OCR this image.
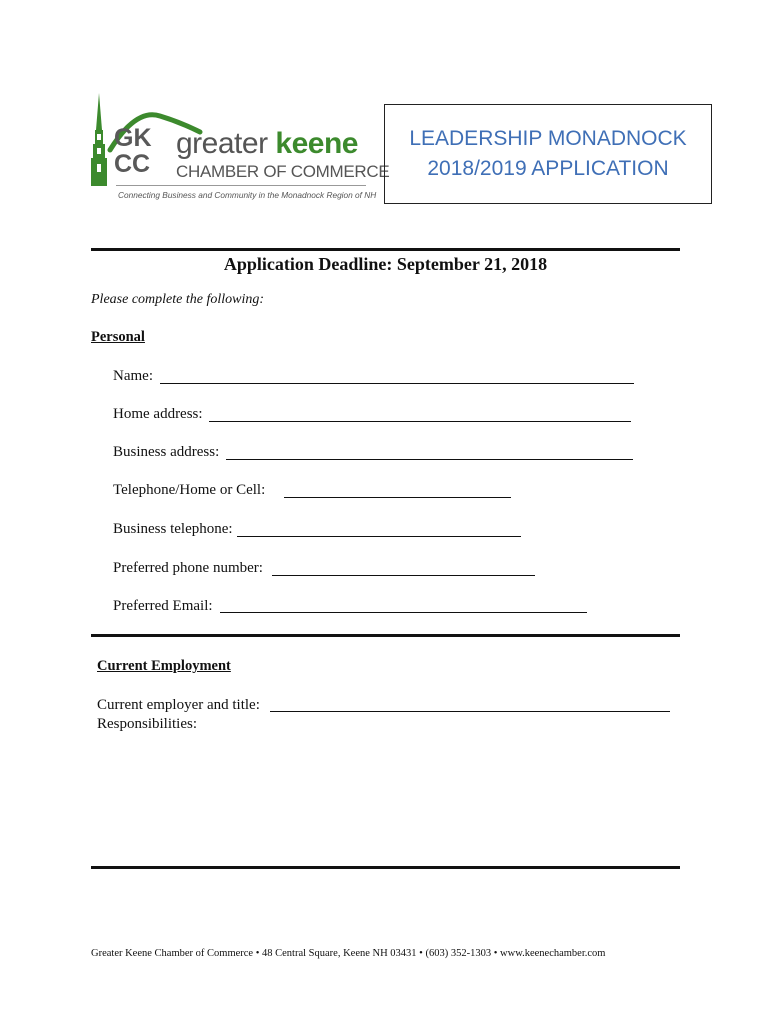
GK
CC
greater keene
CHAMBER OF COMMERCE
Connecting Business and Community in the Monadnock Region of NH
LEADERSHIP MONADNOCK
2018/2019 APPLICATION
Application Deadline: September 21, 2018
Please complete the following:
Personal
Name:
Home address:
Business address:
Telephone/Home or Cell:
Business telephone:
Preferred phone number:
Preferred Email:
Current Employment
Current employer and title:
Responsibilities:
Greater Keene Chamber of Commerce • 48 Central Square, Keene NH 03431 • (603) 352-1303 • www.keenechamber.com
